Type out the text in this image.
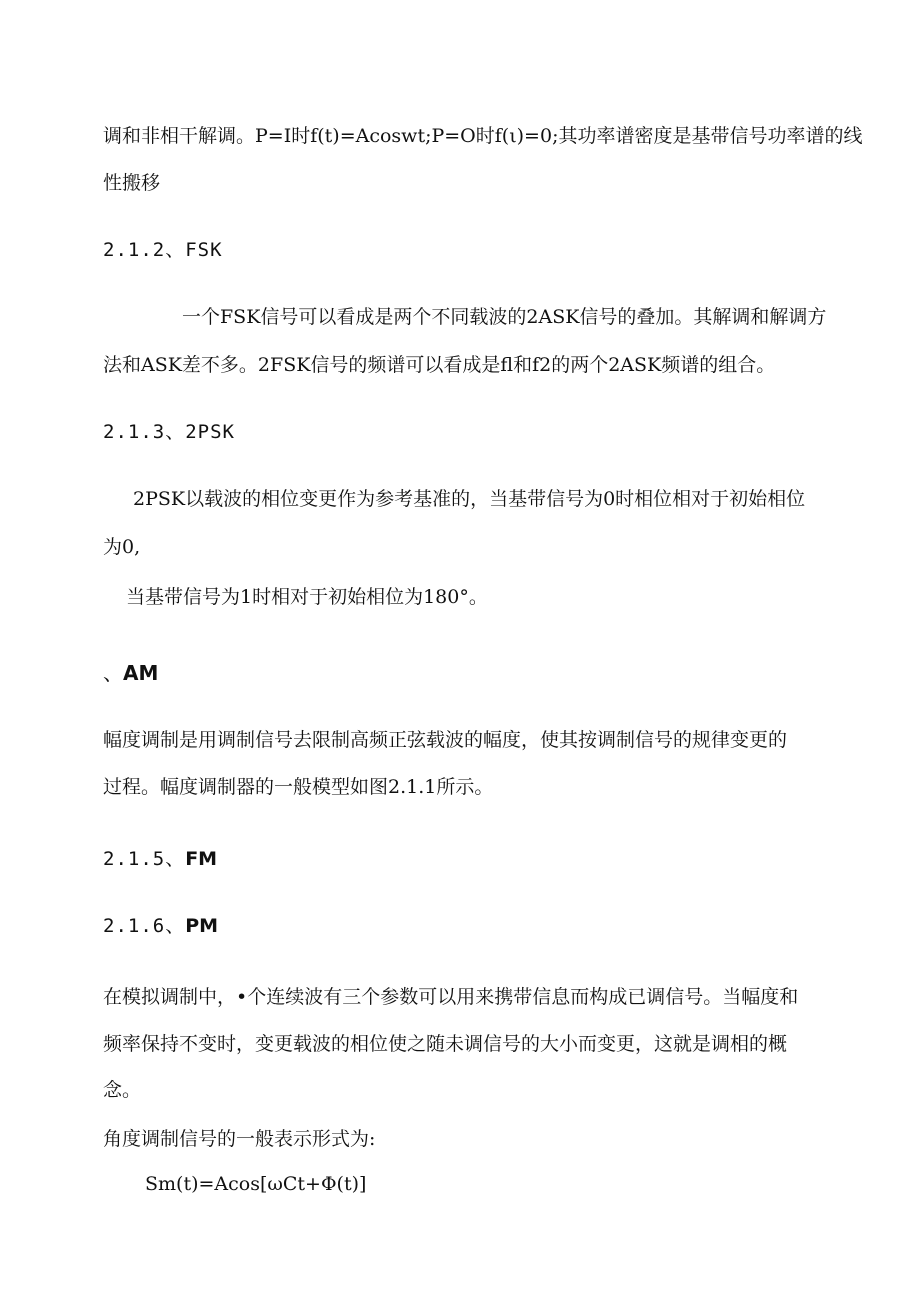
调和非相干解调。P=I时f(t)=Acoswt;P=O时f(ι)=0;其功率谱密度是基带信号功率谱的线
性搬移
2.1.2、FSK
一个FSK信号可以看成是两个不同载波的2ASK信号的叠加。其解调和解调方
法和ASK差不多。2FSK信号的频谱可以看成是fl和f2的两个2ASK频谱的组合。
2.1.3、2PSK
2PSK以载波的相位变更作为参考基准的，当基带信号为0时相位相对于初始相位
为0,
当基带信号为1时相对于初始相位为180°。
、AM
幅度调制是用调制信号去限制高频正弦载波的幅度，使其按调制信号的规律变更的
过程。幅度调制器的一般模型如图2.1.1所示。
2.1.5、FM
2.1.6、PM
在模拟调制中，•个连续波有三个参数可以用来携带信息而构成已调信号。当幅度和
频率保持不变时，变更载波的相位使之随未调信号的大小而变更，这就是调相的概
念。
角度调制信号的一般表示形式为:
Sm(t)=Acos[ωCt+Φ(t)]
